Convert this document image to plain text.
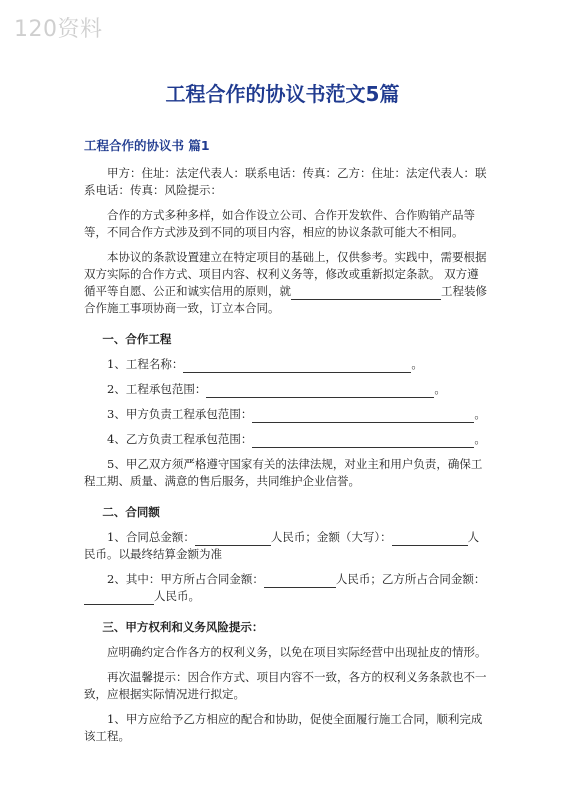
120资料
工程合作的协议书范文5篇
工程合作的协议书 篇1

甲方：住址：法定代表人：联系电话：传真：乙方：住址：法定代表人：联系电话：传真：风险提示：

合作的方式多种多样，如合作设立公司、合作开发软件、合作购销产品等等，不同合作方式涉及到不同的项目内容，相应的协议条款可能大不相同。

本协议的条款设置建立在特定项目的基础上，仅供参考。实践中，需要根据双方实际的合作方式、项目内容、权利义务等，修改或重新拟定条款。 双方遵循平等自愿、公正和诚实信用的原则，就	工程装修合作施工事项协商一致，订立本合同。

一、合作工程

1、工程名称：	。

2、工程承包范围：	。

3、甲方负责工程承包范围：	。

4、乙方负责工程承包范围：	。

5、甲乙双方须严格遵守国家有关的法律法规，对业主和用户负责，确保工程工期、质量、满意的售后服务，共同维护企业信誉。

二、合同额

1、合同总金额：	人民币；金额（大写）：	人民币。以最终结算金额为准

2、其中：甲方所占合同金额：	人民币；乙方所占合同金额：人民币。

三、甲方权利和义务风险提示：

应明确约定合作各方的权利义务，以免在项目实际经营中出现扯皮的情形。

再次温馨提示：因合作方式、项目内容不一致，各方的权利义务条款也不一致，应根据实际情况进行拟定。

1、甲方应给予乙方相应的配合和协助，促使全面履行施工合同，顺利完成该工程。
